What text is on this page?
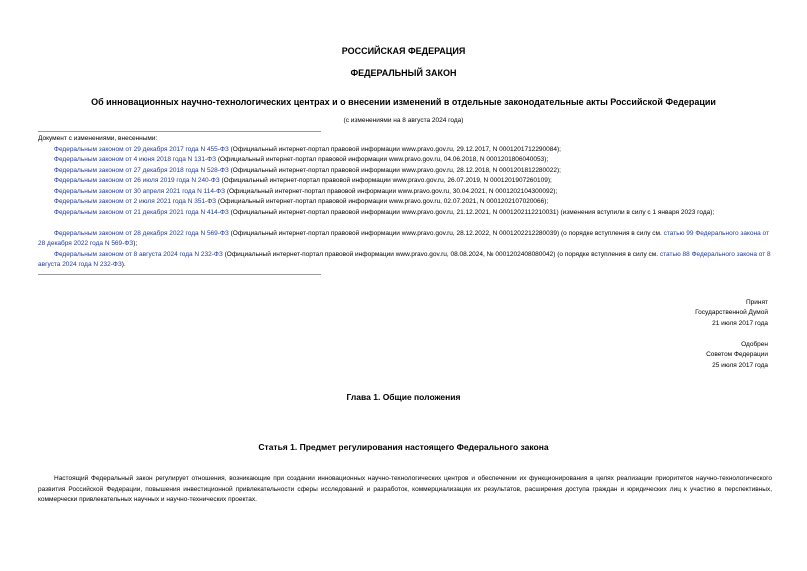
РОССИЙСКАЯ ФЕДЕРАЦИЯ
ФЕДЕРАЛЬНЫЙ ЗАКОН
Об инновационных научно-технологических центрах и о внесении изменений в отдельные законодательные акты Российской Федерации
(с изменениями на 8 августа 2024 года)
Документ с изменениями, внесенными:
Федеральным законом от 29 декабря 2017 года N 455-ФЗ (Официальный интернет-портал правовой информации www.pravo.gov.ru, 29.12.2017, N 0001201712290084);
Федеральным законом от 4 июня 2018 года N 131-ФЗ (Официальный интернет-портал правовой информации www.pravo.gov.ru, 04.06.2018, N 0001201806040053);
Федеральным законом от 27 декабря 2018 года N 528-ФЗ (Официальный интернет-портал правовой информации www.pravo.gov.ru, 28.12.2018, N 0001201812280022);
Федеральным законом от 26 июля 2019 года N 240-ФЗ (Официальный интернет-портал правовой информации www.pravo.gov.ru, 26.07.2019, N 0001201907260109);
Федеральным законом от 30 апреля 2021 года N 114-ФЗ (Официальный интернет-портал правовой информации www.pravo.gov.ru, 30.04.2021, N 0001202104300092);
Федеральным законом от 2 июля 2021 года N 351-ФЗ (Официальный интернет-портал правовой информации www.pravo.gov.ru, 02.07.2021, N 0001202107020066);
Федеральным законом от 21 декабря 2021 года N 414-ФЗ (Официальный интернет-портал правовой информации www.pravo.gov.ru, 21.12.2021, N 0001202112210031) (изменения вступили в силу с 1 января 2023 года);
Федеральным законом от 28 декабря 2022 года N 569-ФЗ (Официальный интернет-портал правовой информации www.pravo.gov.ru, 28.12.2022, N 0001202212280039) (о порядке вступления в силу см. статью 99 Федерального закона от 28 декабря 2022 года N 569-ФЗ);
Федеральным законом от 8 августа 2024 года N 232-ФЗ (Официальный интернет-портал правовой информации www.pravo.gov.ru, 08.08.2024, № 0001202408080042) (о порядке вступления в силу см. статью 88 Федерального закона от 8 августа 2024 года N 232-ФЗ).
Принят
Государственной Думой
21 июля 2017 года
Одобрен
Советом Федерации
25 июля 2017 года
Глава 1. Общие положения
Статья 1. Предмет регулирования настоящего Федерального закона
Настоящий Федеральный закон регулирует отношения, возникающие при создании инновационных научно-технологических центров и обеспечении их функционирования в целях реализации приоритетов научно-технологического развития Российской Федерации, повышения инвестиционной привлекательности сферы исследований и разработок, коммерциализации их результатов, расширения доступа граждан и юридических лиц к участию в перспективных, коммерчески привлекательных научных и научно-технических проектах.
